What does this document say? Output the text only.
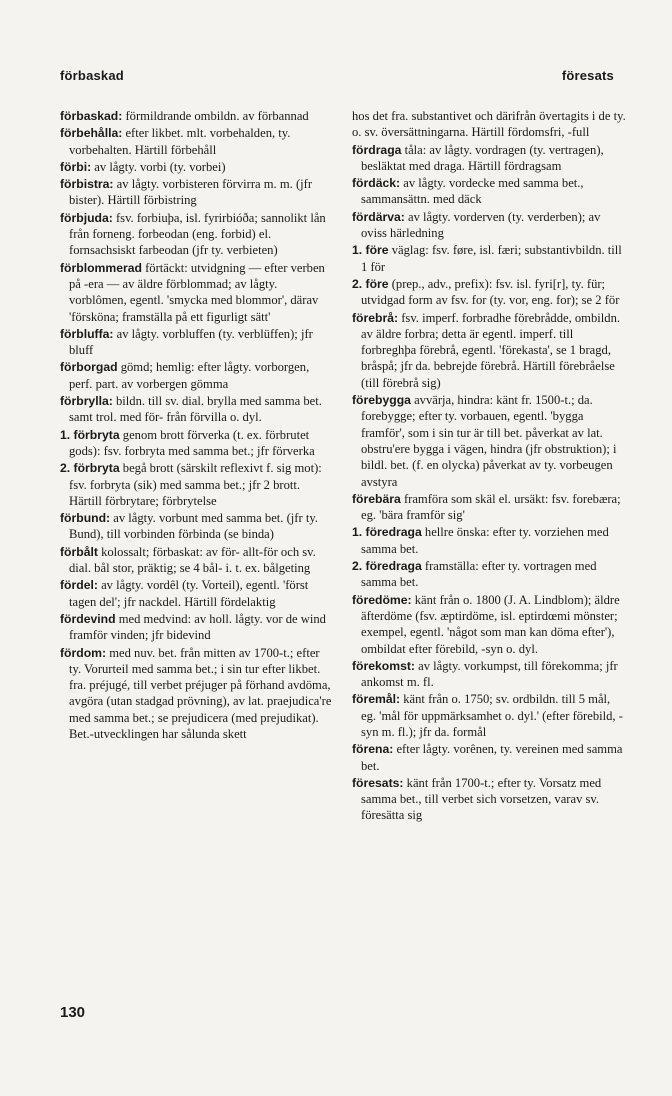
förbaskad	föresats

förbaskad: förmildrande ombildn. av förbannad

förbehålla: efter likbet. mlt. vorbehalden, ty. vorbehalten. Härtill förbehåll

förbi: av lågty. vorbi (ty. vorbei)

förbistra: av lågty. vorbisteren förvirra m. m. (jfr bister). Härtill förbistring

förbjuda: fsv. forbiuþa, isl. fyrirbióða; sannolikt lån från forneng. forbeodan (eng. forbid) el. fornsachsiskt farbeodan (jfr ty. verbieten)

förblommerad förtäckt: utvidgning — efter verben på -era — av äldre förblommad; av lågty. vorblômen, egentl. 'smycka med blommor', därav 'försköna; framställa på ett figurligt sätt'

förbluffa: av lågty. vorbluffen (ty. verblüffen); jfr bluff

förborgad gömd; hemlig: efter lågty. vorborgen, perf. part. av vorbergen gömma

förbrylla: bildn. till sv. dial. brylla med samma bet. samt trol. med för- från förvilla o. dyl.

1. förbryta genom brott förverka (t. ex. förbrutet gods): fsv. forbryta med samma bet.; jfr förverka

2. förbryta begå brott (särskilt reflexivt f. sig mot): fsv. forbryta (sik) med samma bet.; jfr 2 brott. Härtill förbrytare; förbrytelse

förbund: av lågty. vorbunt med samma bet. (jfr ty. Bund), till vorbinden förbinda (se binda)

förbålt kolossalt; förbaskat: av för- allt-för och sv. dial. bål stor, präktig; se 4 bål- i. t. ex. bålgeting

fördel: av lågty. vordêl (ty. Vorteil), egentl. 'först tagen del'; jfr nackdel. Härtill fördelaktig

fördevind med medvind: av holl. lågty. vor de wind framför vinden; jfr bidevind

fördom: med nuv. bet. från mitten av 1700-t.; efter ty. Vorurteil med samma bet.; i sin tur efter likbet. fra. préjugé, till verbet préjuger på förhand avdöma, avgöra (utan stadgad prövning), av lat. praejudica're med samma bet.; se prejudicera (med prejudikat). Bet.-utvecklingen har sålunda skett

hos det fra. substantivet och därifrån övertagits i de ty. o. sv. översättningarna. Härtill fördomsfri, -full

fördraga tåla: av lågty. vordragen (ty. vertragen), besläktat med draga. Härtill fördragsam

fördäck: av lågty. vordecke med samma bet., sammansättn. med däck

fördärva: av lågty. vorderven (ty. verderben); av oviss härledning

1. före väglag: fsv. føre, isl. færi; substantivbildn. till 1 för

2. före (prep., adv., prefix): fsv. isl. fyri[r], ty. für; utvidgad form av fsv. for (ty. vor, eng. for); se 2 för

förebrå: fsv. imperf. forbradhe förebrådde, ombildn. av äldre forbra; detta är egentl. imperf. till forbreghþa förebrå, egentl. 'förekasta', se 1 bragd, bråspå; jfr da. bebrejde förebrå. Härtill förebråelse (till förebrå sig)

förebygga avvärja, hindra: känt fr. 1500-t.; da. forebygge; efter ty. vorbauen, egentl. 'bygga framför', som i sin tur är till bet. påverkat av lat. obstru'ere bygga i vägen, hindra (jfr obstruktion); i bildl. bet. (f. en olycka) påverkat av ty. vorbeugen avstyra

förebära framföra som skäl el. ursäkt: fsv. forebæra; eg. 'bära framför sig'

1. föredraga hellre önska: efter ty. vorziehen med samma bet.

2. föredraga framställa: efter ty. vortragen med samma bet.

föredöme: känt från o. 1800 (J. A. Lindblom); äldre äfterdöme (fsv. æptirdöme, isl. eptirdœmi mönster; exempel, egentl. 'något som man kan döma efter'), ombildat efter förebild, -syn o. dyl.

förekomst: av lågty. vorkumpst, till förekomma; jfr ankomst m. fl.

föremål: känt från o. 1750; sv. ordbildn. till 5 mål, eg. 'mål för uppmärksamhet o. dyl.' (efter förebild, -syn m. fl.); jfr da. formål

förena: efter lågty. vorênen, ty. vereinen med samma bet.

föresats: känt från 1700-t.; efter ty. Vorsatz med samma bet., till verbet sich vorsetzen, varav sv. föresätta sig

130
